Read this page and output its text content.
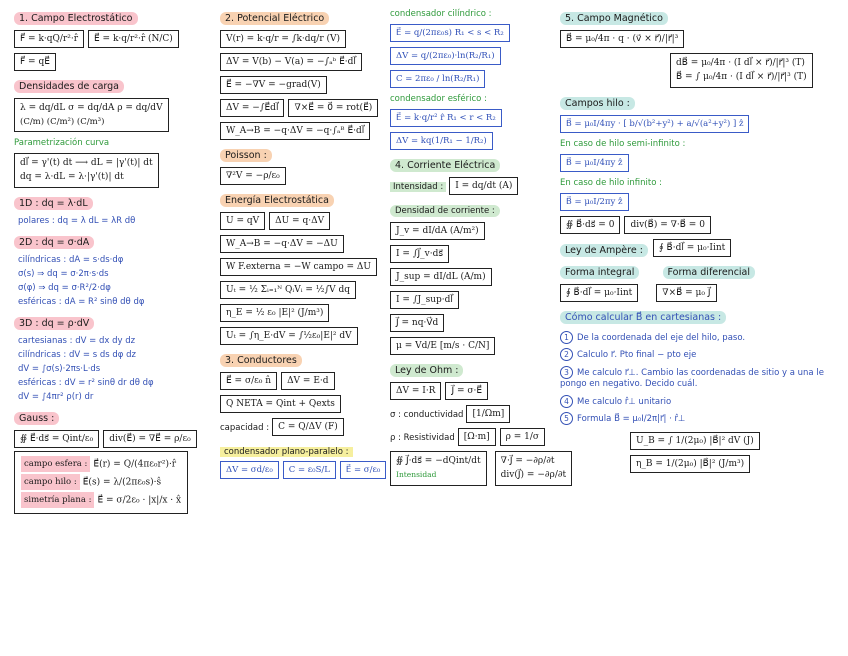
1. Campo Electrostático
F⃗ = k·qQ/r²·r̂ E⃗ = k·q/r²·r̂ (N/C)
F⃗ = qE⃗
Densidades de carga
λ = dq/dL σ = dq/dA ρ = dq/dV
(C/m) (C/m²) (C/m³)
Parametrización curva
dl⃗ = γ'(t) dt ⟶ dL = |γ'(t)| dt
dq = λ·dL = λ·|γ'(t)| dt
1D : dq = λ·dL
polares : dq = λ dL = λR dθ
2D : dq = σ·dA
cilíndricas : dA = s·ds·dφ
σ(s) ⇒ dq = σ·2π·s·ds
σ(φ) ⇒ dq = σ·R²/2·dφ
esféricas : dA = R² sinθ dθ dφ
3D : dq = ρ·dV
cartesianas : dV = dx dy dz
cilíndricas : dV = s ds dφ dz
dV = ∫σ(s)·2πs·L·ds
esféricas : dV = r² sinθ dr dθ dφ
dV = ∫4πr² ρ(r) dr
Gauss :
∯ E⃗·ds⃗ = Qint/ε₀ div(E⃗) = ∇E⃗ = ρ/ε₀
campo esfera : E⃗(r) = Q/(4πε₀r²)·r̂
campo hilo : E⃗(s) = λ/(2πε₀s)·ŝ
simetría plana : E⃗ = σ/2ε₀ · |x|/x · x̂
2. Potencial Eléctrico
V(r) = k·q/r = ∫k·dq/r (V)
ΔV = V(b) − V(a) = −∫ₐᵇ E⃗·dl⃗
E⃗ = −∇V = −grad(V)
ΔV = −∫E⃗dl⃗ ∇×E⃗ = 0⃗ = rot(E⃗)
W_A→B = −q·ΔV = −q·∫ₐᴮ E⃗·dl⃗
Poisson :
∇²V = −ρ/ε₀
Energía Electrostática
U = qV ΔU = q·ΔV
W_A→B = −q·ΔV = −ΔU
W F.externa = −W campo = ΔU
Uₜ = ½ Σᵢ₌₁ᴺ QᵢVᵢ = ½∫V dq
η_E = ½ ε₀ |E|² (J/m³)
Uₜ = ∫η_E·dV = ∫½ε₀|E|² dV
3. Conductores
E⃗ = σ/ε₀ n̂ ΔV = E·d
Q NETA = Qint + Qexts
capacidad : C = Q/ΔV (F)
condensador plano-paralelo :
ΔV = σd/ε₀ C = ε₀S/L E⃗ = σ/ε₀
condensador cilíndrico :
E⃗ = q/(2πε₀s) R₁ < s < R₂
ΔV = q/(2πε₀)·ln(R₂/R₁)
C = 2πε₀ / ln(R₂/R₁)
condensador esférico :
E⃗ = k·q/r² r̂ R₁ < r < R₂
ΔV = kq(1/R₁ − 1/R₂)
4. Corriente Eléctrica
Intensidad : I = dq/dt (A)
Densidad de corriente :
J_v = dI/dA (A/m²)
I = ∫J⃗_v·ds⃗
J_sup = dI/dL (A/m)
I = ∫J_sup·dl⃗
J⃗ = nq·V⃗d
μ = Vd/E [m/s · C/N]
Ley de Ohm :
ΔV = I·R J⃗ = σ·E⃗
σ : conductividad [1/Ωm]
ρ : Resistividad [Ω·m] ρ = 1/σ
∯ J⃗·ds⃗ = −dQint/dt
Intensidad ∇·J⃗ = −∂ρ/∂t
div(J⃗) = −∂ρ/∂t
5. Campo Magnético
B⃗ = μ₀/4π · q · (v⃗ × r⃗)/|r⃗|³
dB⃗ = μ₀/4π · (I dl⃗ × r⃗)/|r⃗|³ (T)
B⃗ = ∫ μ₀/4π · (I dl⃗ × r⃗)/|r⃗|³ (T)
Campos hilo :
B⃗ = μ₀I/4πy · [ b/√(b²+y²) + a/√(a²+y²) ] ẑ
En caso de hilo semi-infinito :
B⃗ = μ₀I/4πy ẑ
En caso de hilo infinito :
B⃗ = μ₀I/2πy ẑ
∯ B⃗·ds⃗ = 0 div(B⃗) = ∇·B⃗ = 0
Ley de Ampère : ∮ B⃗·dl⃗ = μ₀·Iint
Forma integral	Forma diferencial
∮ B⃗·dl⃗ = μ₀·Iint	∇×B⃗ = μ₀ J⃗
Cómo calcular B⃗ en cartesianas :
1 De la coordenada del eje del hilo, paso.
2 Calculo r⃗. Pto final − pto eje
3 Me calculo r⃗⊥. Cambio las coordenadas de sitio y a una le pongo en negativo. Decido cuál.
4 Me calculo r̂⊥ unitario
5 Formula B⃗ = μ₀I/2π|r⃗| · r̂⊥
U_B = ∫ 1/(2μ₀) |B⃗|² dV (J)
η_B = 1/(2μ₀) |B⃗|² (J/m³)
